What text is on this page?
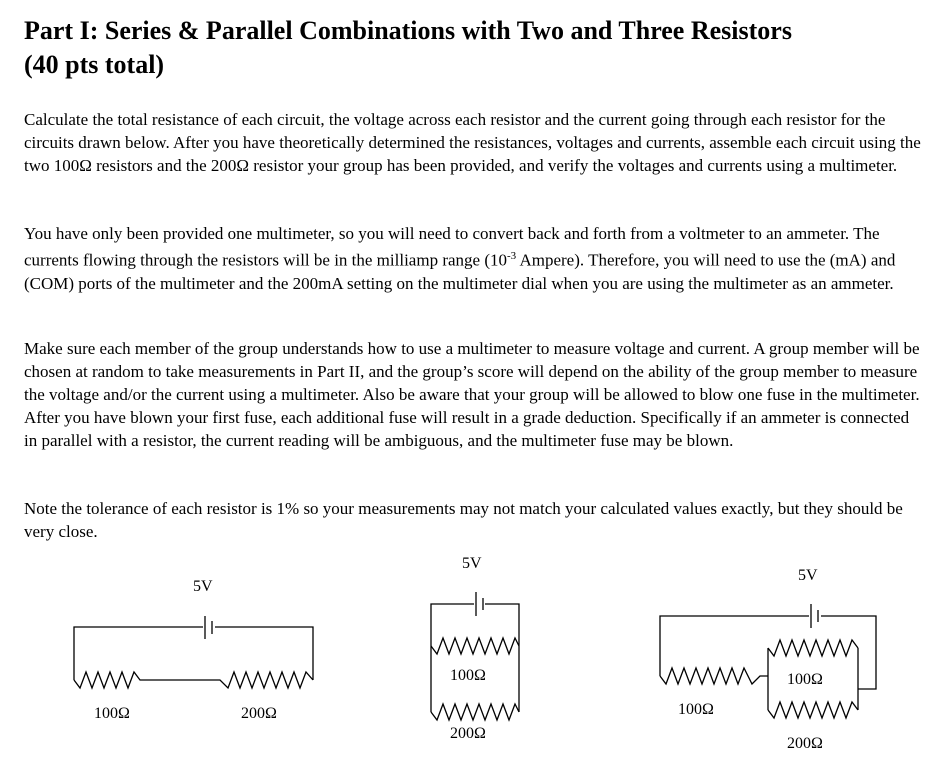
Part I: Series & Parallel Combinations with Two and Three Resistors
(40 pts total)

Calculate the total resistance of each circuit, the voltage across each resistor and the current going through each resistor for the circuits drawn below. After you have theoretically determined the resistances, voltages and currents, assemble each circuit using the two 100Ω resistors and the 200Ω resistor your group has been provided, and verify the voltages and currents using a multimeter.

You have only been provided one multimeter, so you will need to convert back and forth from a voltmeter to an ammeter. The currents flowing through the resistors will be in the milliamp range ($10^{-3}$ Ampere). Therefore, you will need to use the (mA) and (COM) ports of the multimeter and the 200mA setting on the multimeter dial when you are using the multimeter as an ammeter.

Make sure each member of the group understands how to use a multimeter to measure voltage and current. A group member will be chosen at random to take measurements in Part II, and the group’s score will depend on the ability of the group member to measure the voltage and/or the current using a multimeter. Also be aware that your group will be allowed to blow one fuse in the multimeter. After you have blown your first fuse, each additional fuse will result in a grade deduction. Specifically if an ammeter is connected in parallel with a resistor, the current reading will be ambiguous, and the multimeter fuse may be blown.

Note the tolerance of each resistor is 1% so your measurements may not match your calculated values exactly, but they should be very close.

5V
100Ω	200Ω
5V
100Ω
200Ω
5V
100Ω
100Ω
200Ω
